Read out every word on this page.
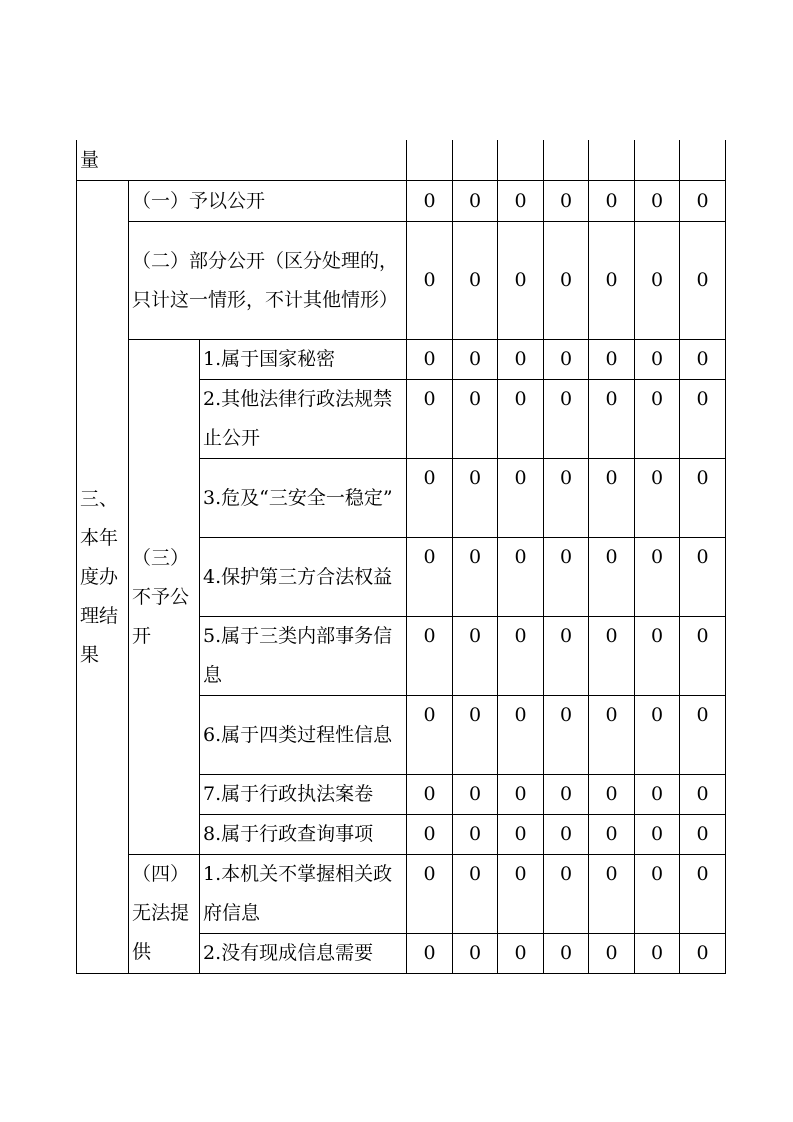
量									
三、本年度办理结果	（一）予以公开		0	0	0	0	0	0	0
	（二）部分公开（区分处理的，只计这一情形，不计其他情形）		0	0	0	0	0	0	0
	（三）不予公开	1.属于国家秘密	0	0	0	0	0	0	0
		2.其他法律行政法规禁止公开	0	0	0	0	0	0	0
		3.危及“三安全一稳定”	0	0	0	0	0	0	0
		4.保护第三方合法权益	0	0	0	0	0	0	0
		5.属于三类内部事务信息	0	0	0	0	0	0	0
		6.属于四类过程性信息	0	0	0	0	0	0	0
		7.属于行政执法案卷	0	0	0	0	0	0	0
		8.属于行政查询事项	0	0	0	0	0	0	0
	（四）无法提供	1.本机关不掌握相关政府信息	0	0	0	0	0	0	0
		2.没有现成信息需要	0	0	0	0	0	0	0
